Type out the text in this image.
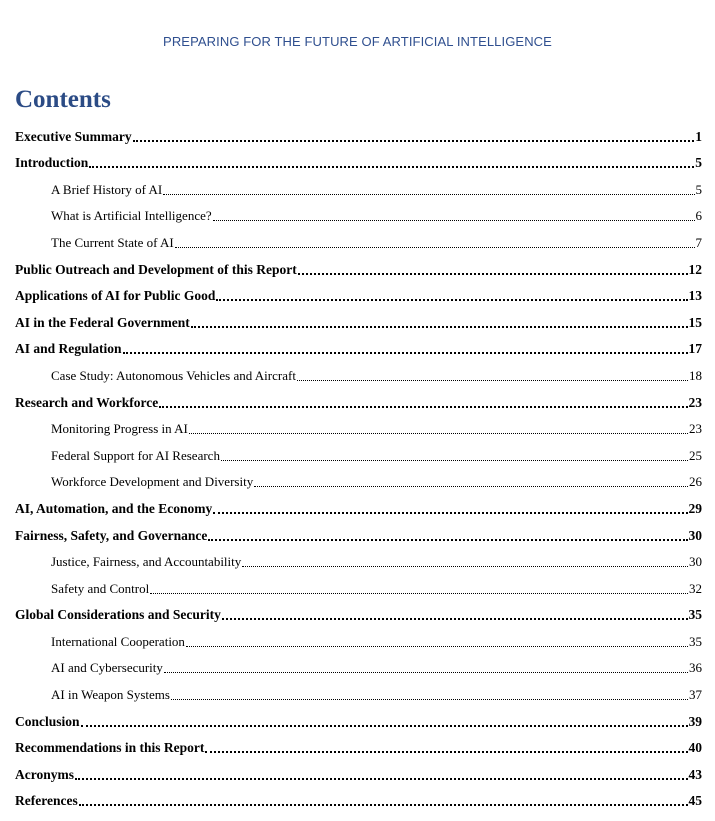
PREPARING FOR THE FUTURE OF ARTIFICIAL INTELLIGENCE
Contents
Executive Summary	1
Introduction	5
A Brief History of AI	5
What is Artificial Intelligence?	6
The Current State of AI	7
Public Outreach and Development of this Report	12
Applications of AI for Public Good	13
AI in the Federal Government	15
AI and Regulation	17
Case Study: Autonomous Vehicles and Aircraft	18
Research and Workforce	23
Monitoring Progress in AI	23
Federal Support for AI Research	25
Workforce Development and Diversity	26
AI, Automation, and the Economy	29
Fairness, Safety, and Governance	30
Justice, Fairness, and Accountability	30
Safety and Control	32
Global Considerations and Security	35
International Cooperation	35
AI and Cybersecurity	36
AI in Weapon Systems	37
Conclusion	39
Recommendations in this Report	40
Acronyms	43
References	45
